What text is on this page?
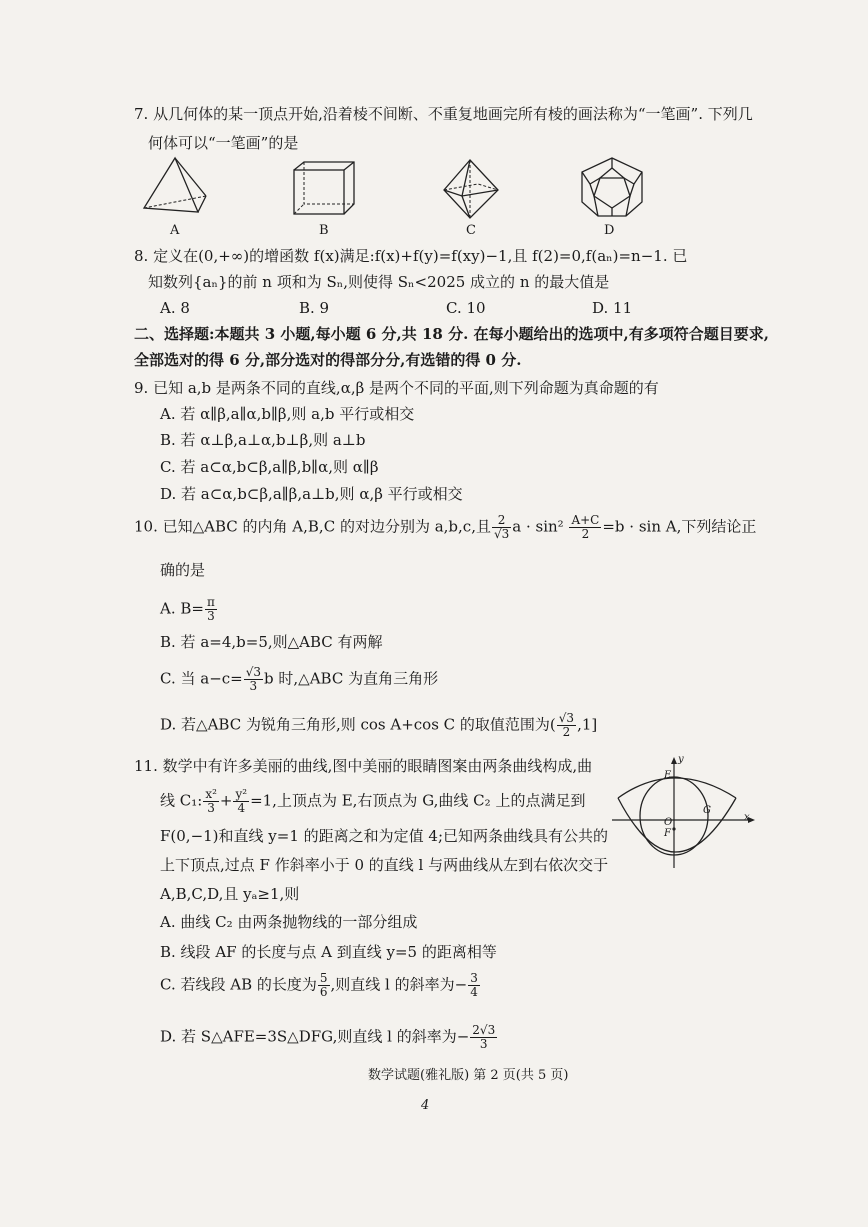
7. 从几何体的某一顶点开始,沿着棱不间断、不重复地画完所有棱的画法称为“一笔画”. 下列几
何体可以“一笔画”的是
A	B	C	D
8. 定义在(0,+∞)的增函数 f(x)满足:f(x)+f(y)=f(xy)−1,且 f(2)=0,f(aₙ)=n−1. 已
知数列{aₙ}的前 n 项和为 Sₙ,则使得 Sₙ<2025 成立的 n 的最大值是
A. 8	B. 9	C. 10	D. 11
二、选择题:本题共 3 小题,每小题 6 分,共 18 分. 在每小题给出的选项中,有多项符合题目要求,
全部选对的得 6 分,部分选对的得部分分,有选错的得 0 分.
9. 已知 a,b 是两条不同的直线,α,β 是两个不同的平面,则下列命题为真命题的有
A. 若 α∥β,a∥α,b∥β,则 a,b 平行或相交
B. 若 α⊥β,a⊥α,b⊥β,则 a⊥b
C. 若 a⊂α,b⊂β,a∥β,b∥α,则 α∥β
D. 若 a⊂α,b⊂β,a∥β,a⊥b,则 α,β 平行或相交
10. 已知△ABC 的内角 A,B,C 的对边分别为 a,b,c,且 $\frac{2}{√3}$ $a \cdot \sin^2 \frac{A+C}{2} =b \cdot \sin A$,下列结论正
确的是
A. $B= \frac{\pi}{3}$
B. 若 a=4,b=5,则△ABC 有两解
C. 当 $a-c= \frac{√3}{3}$ b 时,△ABC 为直角三角形
D. 若△ABC 为锐角三角形,则 cos A+cos C 的取值范围为( $\frac{√3}{2} ,1$]
11. 数学中有许多美丽的曲线,图中美丽的眼睛图案由两条曲线构成,曲
线 C₁: $\frac{\text{x²}}{3} + \frac{\text{y²}}{4} =1$,上顶点为 E,右顶点为 G,曲线 C₂ 上的点满足到
F(0,−1)和直线 y=1 的距离之和为定值 4;已知两条曲线具有公共的
上下顶点,过点 F 作斜率小于 0 的直线 l 与两曲线从左到右依次交于
A,B,C,D,且 yₐ≥1,则
A. 曲线 C₂ 由两条抛物线的一部分组成
B. 线段 AF 的长度与点 A 到直线 y=5 的距离相等
C. 若线段 AB 的长度为 $\frac{5}{6}$ ,则直线 l 的斜率为− $\frac{3}{4}$
D. 若 S△AFE=3S△DFG,则直线 l 的斜率为− $\frac{2√3}{3}$
y
x
E
G
O
F
数学试题(雅礼版) 第 2 页(共 5 页)
4
